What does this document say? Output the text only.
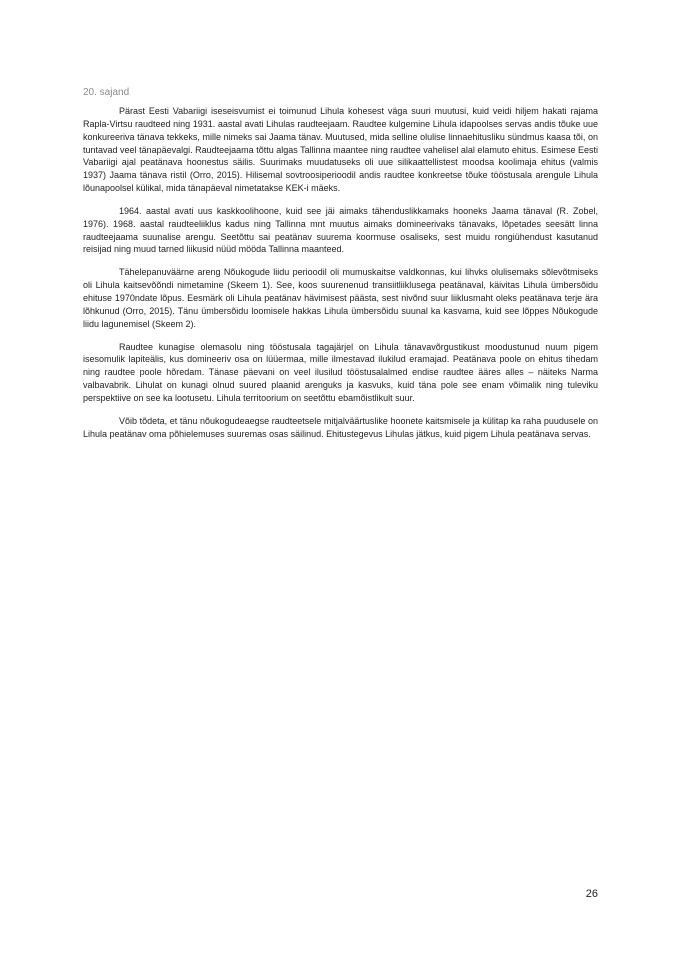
20. sajand

Pärast Eesti Vabariigi iseseisvumist ei toimunud Lihula kohesest väga suuri muutusi, kuid veidi hiljem hakati rajama Rapla-Virtsu raudteed ning 1931. aastal avati Lihulas raudteejaam. Raudtee kulgemine Lihula idapoolses servas andis tõuke uue konkureeriva tänava tekkeks, mille nimeks sai Jaama tänav. Muutused, mida selline olulise linnaehitusliku sündmus kaasa tõi, on tuntavad veel tänapäevalgi. Raudteejaama tõttu algas Tallinna maantee ning raudtee vahelisel alal elamuto ehitus. Esimese Eesti Vabariigi ajal peatänava hoonestus säilis. Suurimaks muudatuseks oli uue silikaattellistest moodsa koolimaja ehitus (valmis 1937) Jaama tänava ristil (Orro, 2015). Hilisemal sovtroosiperioodil andis raudtee konkreetse tõuke tööstusala arengule Lihula lõunapoolsel külikal, mida tänapäeval nimetatakse KEK-i mäeks.

1964. aastal avati uus kaskkoolihoone, kuid see jäi aimaks tähenduslikkamaks hooneks Jaama tänaval (R. Zobel, 1976). 1968. aastal raudteeliiklus kadus ning Tallinna mnt muutus aimaks domineerivaks tänavaks, lõpetades seesätt linna raudteejaama suunalise arengu. Seetõttu sai peatänav suurema koormuse osaliseks, sest muidu rongiühendust kasutanud reisijad ning muud tarned liikusid nüüd mööda Tallinna maanteed.

Tähelepanuväärne areng Nõukogude liidu perioodil oli mumuskaitse valdkonnas, kui lihvks olulisemaks sõlevõtmiseks oli Lihula kaitsevõõndi nimetamine (Skeem 1). See, koos suurenenud transiitliiklusega peatänaval, käivitas Lihula ümbersõidu ehituse 1970ndate lõpus. Eesmärk oli Lihula peatänav hävimisest päästa, sest nivõnd suur liiklusmaht oleks peatänava terje ära lõhkunud (Orro, 2015). Tänu ümbersõidu loomisele hakkas Lihula ümbersõidu suunal ka kasvama, kuid see lõppes Nõukogude liidu lagunemisel (Skeem 2).

Raudtee kunagise olemasolu ning tööstusala tagajärjel on Lihula tänavavõrgustikust moodustunud nuum pigem isesomulik lapiteälis, kus domineeriv osa on lüüermaa, mille ilmestavad ilukilud eramajad. Peatänava poole on ehitus tihedam ning raudtee poole hõredam. Tänase päevani on veel ilusilud tööstusalalmed endise raudtee ääres alles – näiteks Narma valbavabrik. Lihulat on kunagi olnud suured plaanid arenguks ja kasvuks, kuid täna pole see enam võimalik ning tuleviku perspektiive on see ka lootusetu. Lihula territoorium on seetõttu ebamõistlikult suur.

Võib tõdeta, et tänu nõukogudeaegse raudteetsele mitjalväärtuslike hoonete kaitsmisele ja külitap ka raha puudusele on Lihula peatänav oma põhielemuses suuremas osas säilinud. Ehitustegevus Lihulas jätkus, kuid pigem Lihula peatänava servas.

26
